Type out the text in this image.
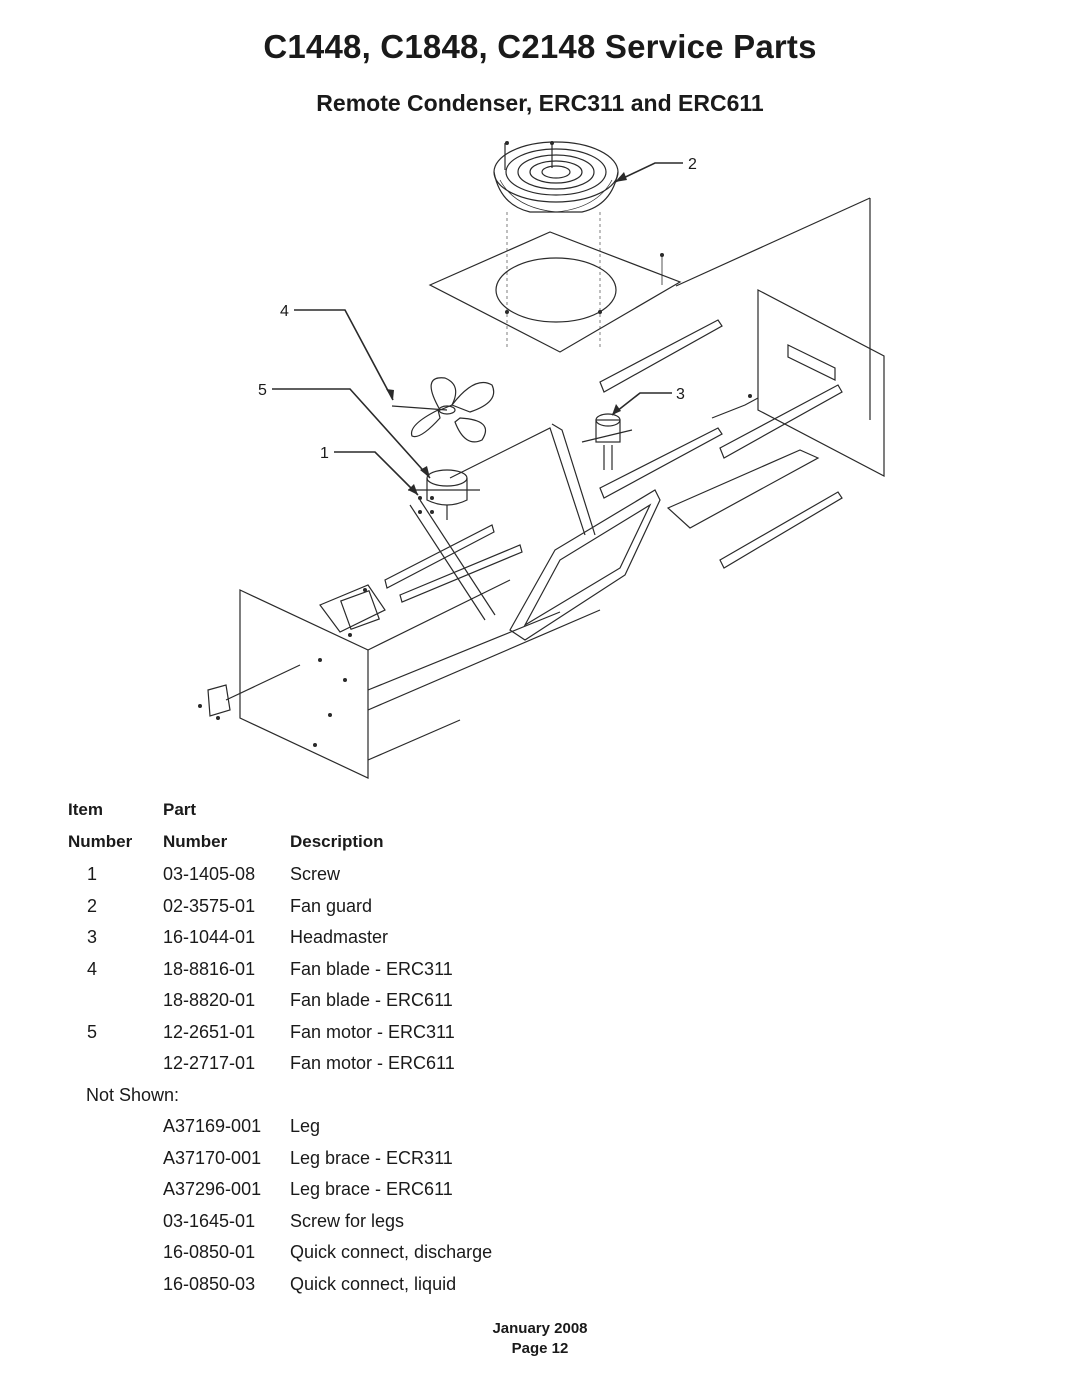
C1448, C1848, C2148 Service Parts
Remote Condenser, ERC311 and ERC611
2
4
5	3
1
Item	Part
Number Number	Description
1	03-1405-08 Screw
2	02-3575-01 Fan guard
3	16-1044-01 Headmaster
4	18-8816-01 Fan blade - ERC311
18-8820-01 Fan blade - ERC611
5	12-2651-01 Fan motor - ERC311
12-2717-01 Fan motor - ERC611
Not Shown:
A37169-001 Leg
A37170-001 Leg brace - ECR311
A37296-001 Leg brace - ERC611
03-1645-01 Screw for legs
16-0850-01 Quick connect, discharge
16-0850-03 Quick connect, liquid
January 2008
Page 12
